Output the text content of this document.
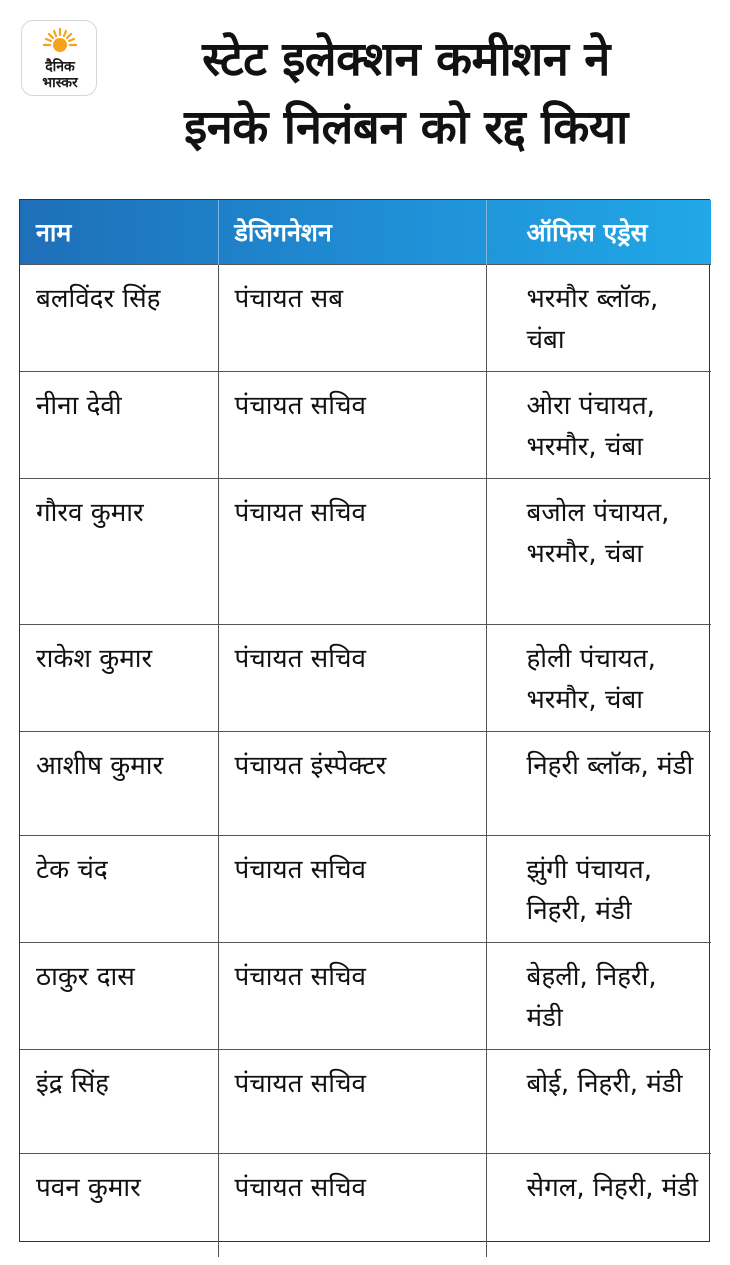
दैनिक
भास्कर	स्टेट इलेक्शन कमीशन ने
इनके निलंबन को रद्द किया
नाम	डेजिगनेशन	ऑफिस एड्रेस
बलविंदर सिंह	पंचायत सब	भरमौर ब्लॉक, चंबा
नीना देवी	पंचायत सचिव	ओरा पंचायत, भरमौर, चंबा
गौरव कुमार	पंचायत सचिव	बजोल पंचायत, भरमौर, चंबा
राकेश कुमार	पंचायत सचिव	होली पंचायत, भरमौर, चंबा
आशीष कुमार	पंचायत इंस्पेक्टर	निहरी ब्लॉक, मंडी
टेक चंद	पंचायत सचिव	झुंगी पंचायत, निहरी, मंडी
ठाकुर दास	पंचायत सचिव	बेहली, निहरी, मंडी
इंद्र सिंह	पंचायत सचिव	बोई, निहरी, मंडी
पवन कुमार	पंचायत सचिव	सेगल, निहरी, मंडी
